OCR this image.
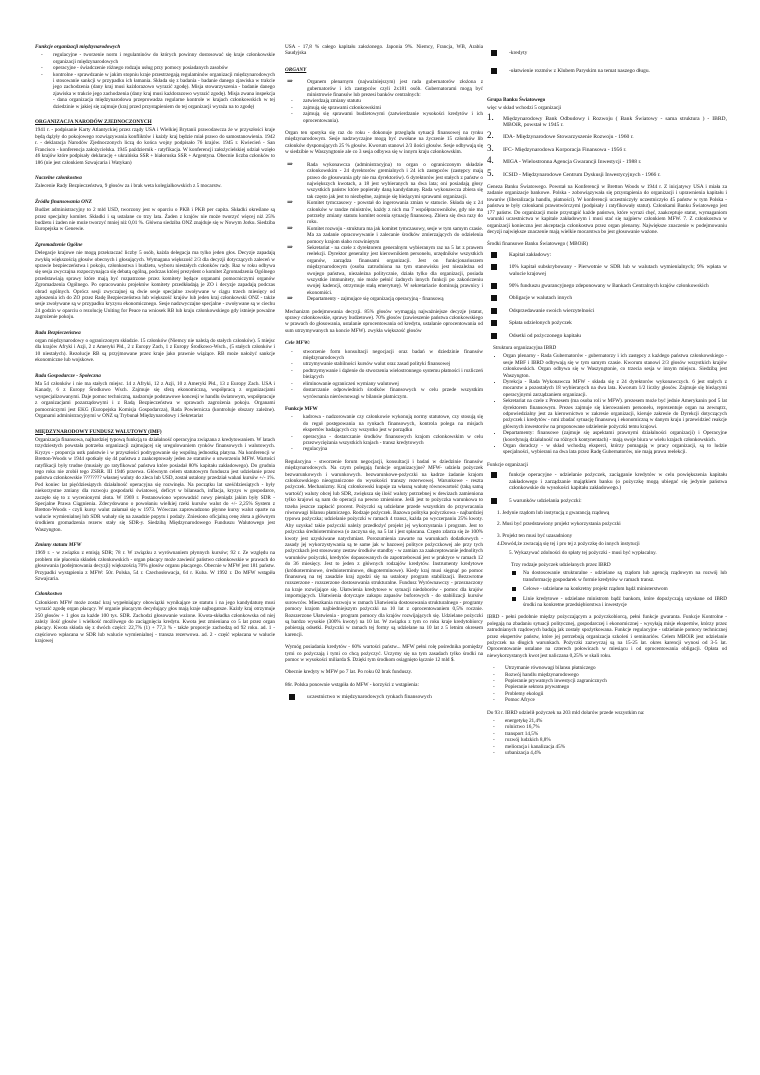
Funkcje organizacji międzynarodowych
- regulacyjne - tworzenie norm i regulaminów do których powinny dostosować się kraje członkowskie organizacji międzynarodowych
- operacyjne - świadczenie różnego rodzaju usług przy pomocy posiadanych zasobów
- kontrolne - sprawdzanie w jakim stopniu kraje przestrzegają regulaminów organizacji międzynarodowych i stosowanie sankcji w przypadku ich łamania. Składa się z badania - badanie danego zjawiska w trakcie jego zachodzenia (dany kraj musi każdorazowo wyrazić zgodę). Misja stowarzyszenia - badanie danego zjawiska w trakcie jego zachodzenia (dany kraj musi każdorazowo wyrazić zgodę). Misja zwana inspekcja - dana organizacja międzynarodowa przeprowadza regularne kontrole w krajach członkowskich w tej dziedzinie w jakiej się zajmuje (kraj przed przystąpieniem do tej organizacji wyraża na to zgodę)
ORGANIZACJA NARODÓW ZJEDNOCZONYCH

1941 r. - podpisanie Karty Atlantyckiej przez rządy USA i Wielkiej Brytanii prawodawcza że w przyszłości kraje będą dążyły do pokojowego rozwiązywania konfliktów i każdy kraj będzie miał prawo do samostanowienia. 1942 r. - deklaracja Narodów Zjednoczonych liczą do końca wojny podpisało 76 krajów. 1945 r. Kwiecień - San Francisco - konferencja założycielska. 1945 październik - ratyfikacja. W konferencji założycielskiej udział wzięło 46 krajów które podpisały deklarację + ukraińska SSR + białoruska SSR + Argentyna. Obecnie liczba członków to 186 (nie jest członkiem Szwajcaria i Watykan)

Naczelne członkostwa

Zalecenie Rady Bezpieczeństwa, 9 głosów za i brak weta kolegialkowskich z 5 mocarstw.

Źródła finansowania ONZ

Budżet administracyjny to 2 mld USD, tworzony jest w oparciu o PKB i PKB per capita. Składki określane są przez specjalny komitet. Składki i są ustalane co trzy lata. Żaden z krajów nie może tworzyć więcej niż 25% budżetu i żaden nie może tworzyć mniej niż 0,01 %. Główna siedziba ONZ znajduje się w Nowym Jorku. Siedziba Europejska w Genewie.

Zgromadzenie Ogólne

Delegacje krajowe nie mogą przekraczać liczby 5 osób, każda delegacja ma tylko jeden głos. Decyzje zapadają zwykłą większością głosów obecnych i głosujących. Wymagana większość 2/3 dla decyzji dotyczących zaleceń w sprawie bezpieczeństwa i pokoju, członkostwa i budżetu, wyboru niestałych członków rady. Raz w roku odbywa się sesja zwyczajna rozpoczynająca się debatą ogólną, podczas której prezydent o komitet Zgromadzenia Ogólnego przedstawiają sprawy które mają być rozpatrzone przez komitety będące organami pomocniczymi organów Zgromadzenia Ogólnego. Po opracowaniu projektów komitety przedkładają je ZO i decyzje zapadają podczas obrad ogólnych. Oprócz sesji zwyczajnej są dwie sesje specjalne zwoływane w ciągu trzech miesięcy od zgłoszenia ich do ZO przez Radę Bezpieczeństwa lub większość krajów lub jeden kraj członkowski ONZ - także sesje zwoływane są w przypadku kryzysu ekonomicznego. Sesje nadzwyczajne specjalne - zwoływane są w ciechu 24 godzin w oparciu o rezolucję Uniting for Peace na wniosek RB lub kraju członkowskiego gdy istnieje poważne zagrożenie pokoju.

Rada Bezpieczeństwa

organ międzynarodowy o ograniczonym składzie. 15 członków (Niemcy nie należą do stałych członków). 5 miejsc dla krajów Afryki i Azji, 2 z Ameryki Płd., 2 z Europy Zach, 1 z Europy Środkowo-Wsch., (5 stałych członków i 10 niestałych). Rezolucje RB są przyjmowane przez kraje jako prawnie wiążące. RB może nałożyć sankcje ekonomiczne lub wojskowe.

Rada Gospodarcze - Społeczna

Ma 54 członków i nie ma stałych miejsc. 14 z Afryki, 12 z Azji, 10 z Ameryki Płd., 13 z Europy Zach. USA i Kanady, 6 z Europy Środkowo Wsch. Zajmuje się sferą ekonomiczną, współpracą z organizacjami wyspecjalizowanymi. Daje pomoc techniczną, nadzoruje podstawowe koncesji w handlu światowym, współpracuje z organizacjami pozarządowymi i z Radą Bezpieczeństwa w sprawach zagrożenia pokoju. Organami pomocniczymi jest EKG (Europejska Komisja Gospodarcza), Rada Powiernicza (kontroluje obszary zależne). Organami administracyjnymi w ONZ są Trybunał Międzynarodowy i Sekretariat

MIĘDZYNARODOWY FUNDUSZ WALUTOWY (IMF)

Organizacja finansowa, najbardziej typową funkcją to działalność operacyjna związana z kredytowaniem. W latach trzydziestych powstała potrzeba organizacji zajmującej się uregulowaniem rynków finansowych i walutowych. Kryzys - proporcja ustk państwie i w przyszłości podrygowanie się wspólną jednostką platyna. Na konferencji w Bretton-Woods w 1944 spotkały się 44 państwa z zaakceptowały jeden ze statutów o utworzeniu MFW. Wartości ratyfikacji były trudne (musiały go ratyfikować państwa które posiadał 80% kapitału zakładowego). Do grudnia tego roku nie zrobił tego ZSRR. III 1946 przerwa. Głównym celem statutowym funduszu jest udzielanie przez państwa członkowskie ???????? własnej waluty do zleca lub USD, został ustalony przedział wahań kursów +/- 1%. Pod koniec lat pięćdziesiątych działalność operacyjna się rozwinęła. Na początku lat sześćdziesiątych - były niekorzystne zmiany dla rozwoju gospodarki światowej, deficyt w bilansach, inflacja, kryzys w gospodarce, zaczęło się to z wycenionymi złota. W 1969 r. Postanowiono wprowadzić nowy pieniądz jakim były SDR - Specjalne Prawa Ciągnienia. Zdecydowano o powołaniu wielkiej rzeki kursów walut do +/- 2,25% System z Bretton-Woods - czyli kursy walut załamał się w 1973. Wówczas zaprowadzono płynne kursy walut oparte na walucie wymienialnej lub SDR wahały się na zasadzie popytu i podaży. Zniesiono oficjalną cenę złota a głównym środkiem gromadzenia rezerw stały się SDR-y. Siedzibą Międzynarodowego Funduszu Walutowego jest Waszyngton.

Zmiany statutu MFW

1969 r. - w związku z emisją SDR; 78 r. W związku z wyrównaniem płynnych kursów; 92 r. Ze względu na problem nie płacenia składek członkowskich - organ płacący może zawiesić państwo członkowskie w prawach do głosowania (podejmowania decyzji) większością 70% głosów organu płacącego. Obecnie w MFW jest 181 państw. Przypadki wystąpienia z MFW: 50r. Polska, 54 r. Czechosłowacja, 64 r. Kuba. W 1992 r. Do MFW wstąpiła Szwajcaria.

Członkostwo

Członkiem MFW może zostać kraj wypełniający obowiązki wynikające ze statutu i na jego kandydaturę musi wyrazić zgodę organ płacący. W organie płacącym decydujący głos mają kraje najbogatsze. Każdy kraj otrzymuje 250 głosów + 1 głos za każde 100 tys. SDR. Zachodzi głosowanie ważone. Kwota-składka członkowska od niej zależy ilość głosów i wielkość możliwego do zaciągnięcia kredytu. Kwota jest zmieniana co 5 lat przez organ płacący. Kwota składa się z dwóch części: 22,7% (1) + 77,3 % - także proporcje zachodzą od 92 roku. ad. 1 - częściowo wpłacana w SDR lub walucie wymienialnej - transza rezerwowa. ad. 2 - część wpłacana w walucie krajowej

USA - 17,8 % całego kapitału założonego. Japonia 9%. Niemcy, Francja, WB, Arabia Saudyjska

ORGANY
⇒ Organem plenarnym (najważniejszym) jest rada gubernatorów złożona z gubernatorów i ich zastępców czyli 2x181 osób. Gubernatorami mogą być ministrowie finansów lub prezesi banków centralnych:
- zatwierdzają zmiany statutu
- zajmują się sprawami członkowskimi
- zajmują się sprawami budżetowymi (zatwierdzanie wysokości kredytów i ich oprocentowania).

Organ ten spotyka się raz do roku - dokonuje przeglądu sytuacji finansowej na rynku międzynarodowym. Sesje nadzwyczajne mogą być zwołane na życzenie 15 członków lib członków dysponujących 25 % głosów. Kworum stanowi 2/3 ilości głosów. Sesje odbywają się w siedzibie w Waszyngtonie ale co 3 sesja odbywa się w innym kraju członkowskim.

⇒ Rada wykonawcza (administracyjna) to organ o ograniczonym składzie członkowskim - 24 dyrektorów gremialnych i 24 ich zastępców (zastępcy mają prawo do głosowania gdy nie ma dyrektorów). 6 dyrektorów jest stałych z państw o największych kwotach, a 18 jest wybieranych na dwa lata; oni posiadają głosy wszystkich państw które popierały daną kandydaturę. Rada wykonawcza zbiera się tak często jak jest to niezbędne, zajmuje się bieżącymi sprawami organizacji.
⇒ Komitet tymczasowy - powstał do ingerowania zmian w statucie. Składa się z 24 członków w randze ministrów, każdy z nich ma 7 współpracowników, gdy nie ma potrzeby zmiany statutu komitet ocenia sytuację finansową. Zbiera się dwa razy do roku.
⇒ Komitet rozwoju - struktura ma jak komitet tymczasowy, sesje w tym samym czasie. Ma za zadanie opracowywanie i zalecanie środków zmierzających do odzielenia pomocy krajom słabo rozwiniętym
⇒ Sekretariat - na czele z dyrektorem generalnym wybieranym raz na 5 lat z prawem reelekcji. Dyrektor generalny jest kierownikiem personelu, urzędników wszystkich organów, zarządza finansami organizacji. Jest on funkcjonariuszem międzynarodowym (osoba zatrudniona na tym stanowisku jest niezależna od swojego państwa, niezależna politycznie, działa tylko dla organizacji, posiada wszystkie immunitety, nie może pełnić żadnych innych funkcji po zakończeniu swojej kadencji, otrzymuje stałą emeryturę). W sekretariacie dominują prawnicy i ekonomiści.
⇒ Departamenty - zajmujące się organizacją operacyjną - finansową

Mechanizm podejmowania decyzji. 85% głosów wymagają najważniejsze decyzje (statut, sprawy członkowskie, sprawy budżetowe). 70% głosów (zawieszenie państwa członkowskiego w prawach do głosowania, ustalanie oprocentowania od kredytu, ustalanie oprocentowania od sum utrzymywanych na koncie MFW). zwykła większość głosów

Cele MFW:
- stworzenie form konsultacji negocjacji oraz badań w dziedzinie finansów międzynarodowych
- utrzymywanie stabilności kursów walut oraz zasad polityki finansowej
- podtrzymywanie i dążenie do stworzenia wielostronnego systemu płatności i rozliczeń bieżących
- eliminowanie ograniczeń wymiany walutowej
- dostarczanie odpowiednich środków finansowych w celu przede wszystkim wyrównania nierównowagi w bilansie płatniczym.
Funkcje MFW
- kadrowa - nadzorowanie czy członkowie wykonują normy statutowe, czy stosują się do reguł postępowania na rynkach finansowych, kontrola polega na misjach ekspertów badających czy wszystko jest w porządku
- operacyjna - dostarczanie środków finansowych krajom członkowskim w celu przezwyciężania wszystkich krajach - transz kredytowych
- regulacyjna

Regulacyjna - stworzenie forum negocjacji, konsultacji i badań w dziedzinie finansów międzynarodowych. Na czym polegają funkcje organizacyjne? MFW- udziela pożyczek bezwarunkowych i warunkowych. bezwarunkowe-pożyczki na kadrze żadanie krajom członkowskiego nieograniczone do wysokości transzy rezerwowej. Warunkowe - reszta pożyczek. Mechanizmy. Kraj członkowski kupuje za własną walutę równowartość (taką samą wartość) waluty obcej lub SDR, zwiększa się ilość waluty potrzebnej w dewizach zamieniona tylko krajowi są nam do operacji na pewno zmienione. Jeśli jest to pożyczka warunkowa to trzeba jeszcze zapłacić procent. Pożyczki są udzielane przede wszystkim do przywracania równowagi bilansu płatniczego. Rodzaje pożyczek. Bazowa polityka pożyczkowa - najbardziej typowa pożyczka; udzielanie pożyczki w ramach 4 transz, każda po wyczerpaniu 25% kwoty. Aby uzyskać takie pożyczki należy przedłożyć projekt jej wykorzystania i program. Jest to pożyczka średnioterminowa (o zaczyna się, na 5 lat i jest spłacana. Często zdarza się że 100% kwoty jest uzyskiwane natychmiast. Porozumienia zawarte na warunkach dodatkowych - zasady jej wykorzystywania są te same jak w bazowej polityce pożyczkowej ale przy tych pożyczkach jest stosowany zestaw środków standby - w zamian za zaakceptowanie jednolitych warunków pożyczki, kredytów dopasowanych do zapotrzebowań jest w praktyce w ramach 12 do 36 miesięcy. Jest to jeden z głównych rodzajów kredytów. Instrumenty kredytowe (krótkoterminowe, średnioterminowe, długoterminowe). Kiedy kraj musi sięgnąć po pomoc finansową na tej zasadzie kraj zgodzi się na ustalony program stabilizacji. Bezzwrotne rozszerzone - rozszerzone dostosowania strukturalne. Fundusz Wyrównawczy - przeznaczony na kraje rozwijające się. Ułatwienia kredytowe w sytuacji niedoborów - pomoc dla krajów importujących. Ułatwienia dotyczące zakupu zapasów buforowych - do stabilizacji kursów surowców. Mieszkania rozwoju w ramach Ułatwienia dostosowania strukturalnego - programy pomocy krajom najbiedniejszym pożyczki na 10 lat z oprocentowaniem 0,5% rocznie. Rozszerzone Ułatwienia - program pomocy dla krajów rozwijających się. Udzielane pożyczki są bardzo wysokie (300% kwoty) na 10 lat. W związku z tym co roku kraje kredytobiorcy pobierają odsetki. Pożyczki w ramach tej formy są udzielane na 10 lat z 5 letnim okresem karencji.

Wymóg posiadania kredytów - 60% wartości państw... MFW pełni rolę pośrednika pomiędzy tymi co pożyczają i tymi co chcą pożyczyć. Uczymy się na tym zasadach tylko środki na pomoc w wysokości miliarda $. Dzięki tym środkom osiągnięto łącznie 12 mld $.

Obecnie kredyty w MFW po 7 lat. Po roku 02 brak funduszy.

86r. Polska ponownie wstąpiła do MFW - korzyści z wstąpienia:

uczestnictwo w międzynarodowych rynkach finansowych
-kredyty
-ułatwienie rozmów z Klubem Paryskim na temat naszego długu.
Grupa Banku Światowego

więc w skład wchodzi 5 organizacji

1. Międzynarodowy Bank Odbudowy i Rozwoju ( Bank Światowy - sama struktura ) - IBRD, MBOiR, powstał w 1945 r.
2. IDA- Międzynarodowe Stowarzyszenie Rozwoju - 1960 r.
3. IFC- Międzynarodowa Korporacja Finansowa - 1956 r.
4. MIGA - Wielostronna Agencja Gwarancji Inwestycji - 1988 r.
5. ICSID - Międzynarodowe Centrum Dyskusji Inwestycyjnych - 1966 r.

Geneza Banku Światowego. Powstał na Konferencji w Bretton Woods w 1944 r. Z inicjatywy USA i miała za zadanie organizacje bankowe. Polska - zobowiązywała się przystąpienia do organizacji i uprawnienia kapitału i towarów (liberalizacja handlu, płatności). W konferencji uczestniczyły uczestniczyło 45 państw w tym Polska - państwa te były członkami prawotwórczymi (podpisały i ratyfikowały statut). Członkami Banku Światowego jest 177 państw. Do organizacji może przystąpić każde państwo, które wyrazi chęć, zaakceptuje statut, wymaganiom warunki uczestnictwa w kapitale zakładowym i musi stać się najpierw członkiem MFW. 7. Z członkostwa w organizacji konieczna jest akceptacja członkostwa przez organ plenarny. Największe znaczenie w podejmowaniu decyzji największe znaczenie mają wielkie mocarstwa bo jest głosowanie ważone.

Środki finansowe Banku Światowego ( MBOiR)

Kapitał zakładowy:
10% kapitał subskrybowany - Pierwotnie w SDR lub w walutach wymienialnych; 9% wpłata w walucie krajowej
90% funduszu gwarancyjnego zdeponowany w Bankach Centralnych krajów członkowskich
Obligacje w walutach innych
Odsprzedawanie swoich wierzytelności
Spłata udzielonych pożyczek
Odsetki od pożyczonego kapitału

Struktura organizacyjna IBRD

• Organ plenarny - Rada Gubernatorów - gubernatorzy i ich zastępcy z każdego państwa członkowskiego - sesje MBF i IBRD odbywają się w tym samym czasie. Kworum stanowi 2/3 głosów wszystkich krajów członkowskich. Organ odbywa się w Waszyngtonie, co trzecia sesja w innym miejscu. Siedzibą jest Waszyngton.
• Dyrekcja - Rada Wykonawcza MFW - składa się z 24 dyrektorów wykonawczych. 6 jest stałych z mocarstw a pozostałych 18 wybieranych na dwa lata. Kworum 1/2 liczby głosów. Zajmuje się bieżącymi operacyjnymi zarządzaniem organizacji.
• Sekretariat na czele z Prezesem (ma osoba roli w MFW). prezesem może być jednie Amerykanin pod 5 lat dyrektorem finansowym. Prezes zajmuje się kierowaniem personelu, reprezentuje organ na zewnątrz, odpowiedzialny jest za kierownictwo w zakresie organizacji, kieruje zakresie do Dyrekcji dotyczących pożyczek i kredytów - nmi zbadać sytuację finansową i ekonomiczną w danym kraju i przewidzieć reakcje głównych inwestorów na proponowane udzielenie pożyczki temu krajowi.
• Departamenty: finansowe (zajmuje się aspektami prawnymi działalności organizacji) i Operacyjne (koordynują działalność na różnych kontynentach) - mają swoje biura w wielu krajach członkowskich.
• Organ doradczy - w skład wchodzą eksperci, którzy pomagają w pracy organizacji, są to ludzie specjalności, wybierani na dwa lata przez Radę Gubernatorów, nie mają prawa reelekcji.

Funkcje organizacji

funkcje operacyjne - udzielanie pożyczek, zaciąganie kredytów w celu powiększenia kapitału zakładowego i zarządzanie majątkiem banku (o pożyczkę mogą ubiegać się jedynie państwa członkowskie do wysokości kapitału zakładowego.)
5 warunków udzielania pożyczki:

1. Jedynie rządom lub instytucją z gwarancją rządową

2. Musi być przedstawiony projekt wykorzystania pożyczki

3. Projekt ten musi być uzasadniony

4.Dowód,że zwracają się tej i pro tej z pożyczkę do innych instytucji

5. Wykazywać zdolności do spłaty tej pożyczki - musi być wypłacalny.

Trzy rodzaje pożyczek udzielanych przez IBRD

Na dostosowanie strukturalne - udzielane są rządom lub agencją rządowym na rozwój lub transformację gospodarek w formie kredytów w ramach transz.
Celowe - udzielane na konkretny projekt rządom bądź ministerstwom
Linie kredytowe - udzielane ministrom bądź bankom, które dopożyczają uzyskane od IBRD środki na konkretne przedsiębiorstwa i inwestycje

IBRD - pełni podobnie między pożyczającym a pożyczkobiorcą, pełni funkcje gwaranta. Funkcje Kontrolne - polegają na zbadaniu sytuacji politycznej, gospodarczej i ekonomicznej - wysyłają misje ekspertów, którzy przez zatrudnianych rządowych badają jak zostały spożytkowana. Funkcje regulacyjne - udzielanie pomocy technicznej przez ekspertów państw, które jej potrzebują organizacja szkoleń i seminariów. Celem MBOiR jest udzielanie pożyczek na długich warunkach. Pożyczki zazwyczaj są na 15-25 lat. okres karencji wynosi od 3-5 lat. Oprocentowanie ustalane na czterech połowicach w miesiącu i od oprocentowania obligacji. Opłata od niewykorzystanych kwot jest naliczana 0,25% w skali roku.

- Utrzymanie równowagi bilansu płatniczego
- Rozwój handlu międzynarodowego
- Popieranie prywatnych inwestycji zagranicznych
- Popieranie sektora prywatnego
- Problemy ekologii
- Pomoc Afryce

Do 93 r. IBRD udzielił pożyczek na 203 mld dolarów przede wszystkim na:

- energetykę 21,4%
- rolnictwo 16,7%
- transport 14,5%
- rozwój ludzkich 8,8%
- melioracja i kanalizacja 45%
- urbanizacja 4,4%
